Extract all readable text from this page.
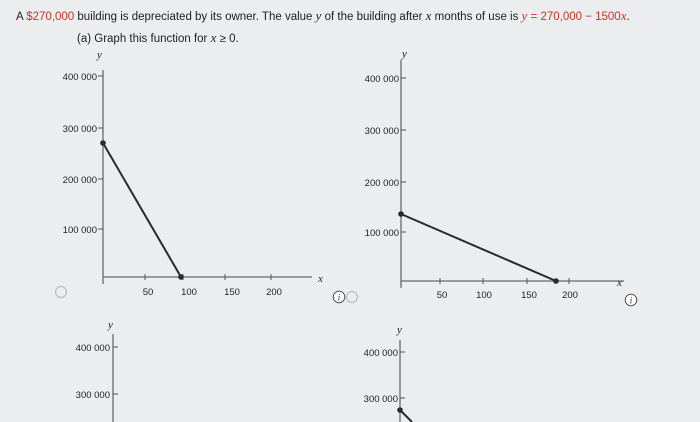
A $270,000 building is depreciated by its owner. The value y of the building after x months of use is y = 270,000 − 1500x.
(a) Graph this function for x ≥ 0.
y
x
400 000
300 000
200 000
100 000
50	100	150	200	i
y
x
400 000
300 000
200 000
100 000
50	100	150	200	i
y
400 000
300 000
y
400 000
300 000
